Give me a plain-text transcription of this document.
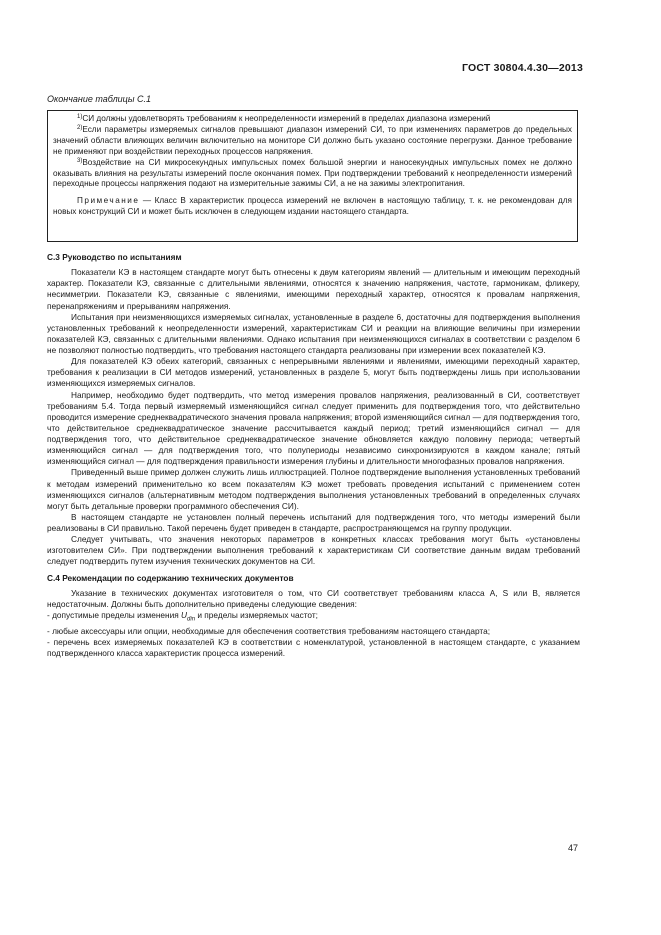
ГОСТ 30804.4.30—2013
Окончание таблицы С.1

$^{1)}$СИ должны удовлетворять требованиям к неопределенности измерений в пределах диапазона измерений

$^{2)}$Если параметры измеряемых сигналов превышают диапазон измерений СИ, то при изменениях параметров до предельных значений области влияющих величин включительно на мониторе СИ должно быть указано состояние перегрузки. Данное требование не применяют при воздействии переходных процессов напряжения.

$^{3)}$Воздействие на СИ микросекундных импульсных помех большой энергии и наносекундных импульсных помех не должно оказывать влияния на результаты измерений после окончания помех. При подтверждении требований к неопределенности измерений переходные процессы напряжения подают на измерительные зажимы СИ, а не на зажимы электропитания.

Примечание — Класс В характеристик процесса измерений не включен в настоящую таблицу, т. к. не рекомендован для новых конструкций СИ и может быть исключен в следующем издании настоящего стандарта.

С.3 Руководство по испытаниям

Показатели КЭ в настоящем стандарте могут быть отнесены к двум категориям явлений — длительным и имеющим переходный характер. Показатели КЭ, связанные с длительными явлениями, относятся к значению напряжения, частоте, гармоникам, фликеру, несимметрии. Показатели КЭ, связанные с явлениями, имеющими переходный характер, относятся к провалам напряжения, перенапряжениям и прерываниям напряжения.

Испытания при неизменяющихся измеряемых сигналах, установленные в разделе 6, достаточны для подтверждения выполнения установленных требований к неопределенности измерений, характеристикам СИ и реакции на влияющие величины при измерении показателей КЭ, связанных с длительными явлениями. Однако испытания при неизменяющихся сигналах в соответствии с разделом 6 не позволяют полностью подтвердить, что требования настоящего стандарта реализованы при измерении всех показателей КЭ.

Для показателей КЭ обеих категорий, связанных с непрерывными явлениями и явлениями, имеющими переходный характер, требования к реализации в СИ методов измерений, установленных в разделе 5, могут быть подтверждены лишь при использовании изменяющихся измеряемых сигналов.

Например, необходимо будет подтвердить, что метод измерения провалов напряжения, реализованный в СИ, соответствует требованиям 5.4. Тогда первый измеряемый изменяющийся сигнал следует применить для подтверждения того, что действительно проводится измерение среднеквадратического значения провала напряжения; второй изменяющийся сигнал — для подтверждения того, что действительное среднеквадратическое значение рассчитывается каждый период; третий изменяющийся сигнал — для подтверждения того, что действительное среднеквадратическое значение обновляется каждую половину периода; четвертый изменяющийся сигнал — для подтверждения того, что полупериоды независимо синхронизируются в каждом канале; пятый изменяющийся сигнал — для подтверждения правильности измерения глубины и длительности многофазных провалов напряжения.

Приведенный выше пример должен служить лишь иллюстрацией. Полное подтверждение выполнения установленных требований к методам измерений применительно ко всем показателям КЭ может требовать проведения испытаний с применением сотен изменяющихся сигналов (альтернативным методом подтверждения выполнения установленных требований в определенных случаях могут быть детальные проверки программного обеспечения СИ).

В настоящем стандарте не установлен полный перечень испытаний для подтверждения того, что методы измерений были реализованы в СИ правильно. Такой перечень будет приведен в стандарте, распространяющемся на группу продукции.

Следует учитывать, что значения некоторых параметров в конкретных классах требования могут быть «установлены изготовителем СИ». При подтверждении выполнения требований к характеристикам СИ соответствие данным видам требований следует подтвердить путем изучения технических документов на СИ.

С.4 Рекомендации по содержанию технических документов

Указание в технических документах изготовителя о том, что СИ соответствует требованиям класса А, S или В, является недостаточным. Должны быть дополнительно приведены следующие сведения:

- допустимые пределы изменения $U_{din}$ и пределы измеряемых частот;

- любые аксессуары или опции, необходимые для обеспечения соответствия требованиям настоящего стандарта;

- перечень всех измеряемых показателей КЭ в соответствии с номенклатурой, установленной в настоящем стандарте, с указанием подтвержденного класса характеристик процесса измерений.

47
